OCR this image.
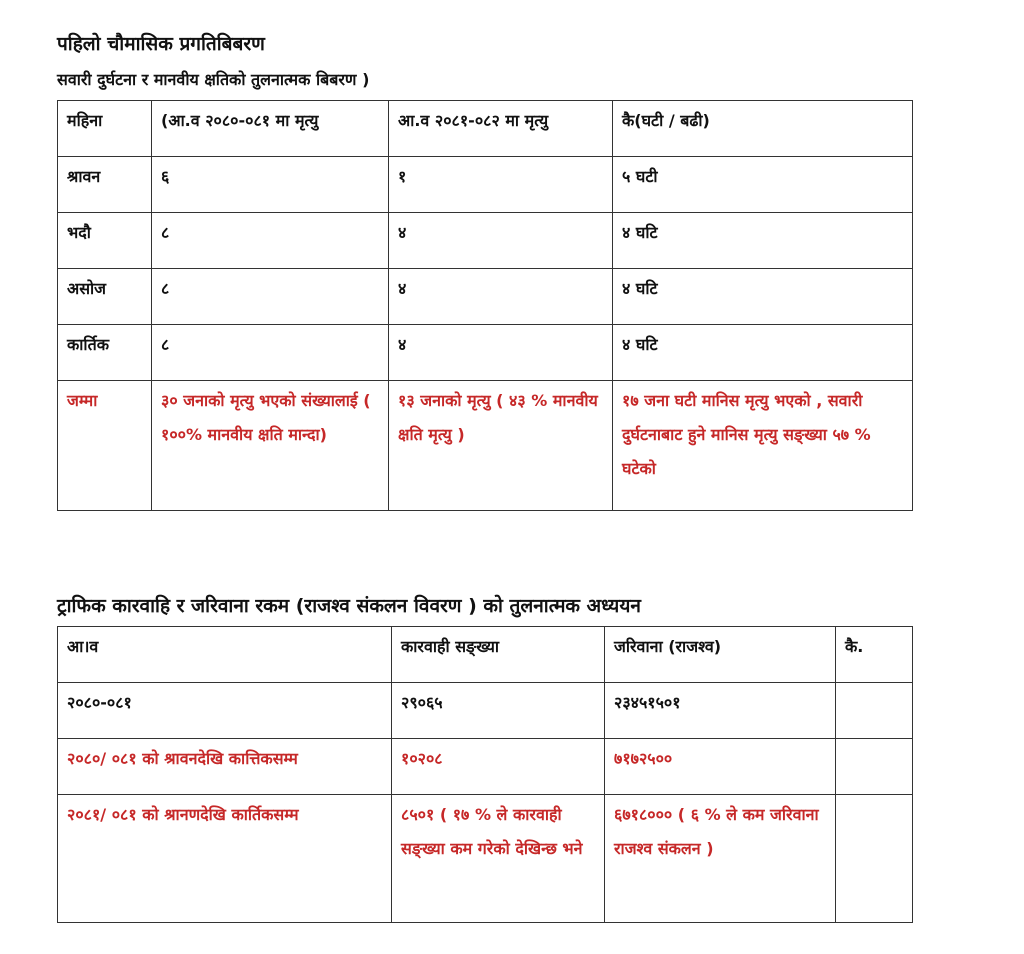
पहिलो चौमासिक प्रगतिबिबरण
सवारी दुर्घटना र मानवीय क्षतिको तुलनात्मक बिबरण )
महिना	(आ.व २०८०-०८१ मा मृत्यु	आ.व २०८१-०८२ मा मृत्यु	कै(घटी / बढी)

श्रावन	६	१	५ घटी

भदौ	८	४	४ घटि

असोज	८	४	४ घटि

कार्तिक	८	४	४ घटि

जम्मा	३० जनाको मृत्यु भएको संख्यालाई ( १००% मानवीय क्षति मान्दा)	१३ जनाको मृत्यु ( ४३ % मानवीय क्षति मृत्यु )	१७ जना घटी मानिस मृत्यु भएको , सवारी दुर्घटनाबाट हुने मानिस मृत्यु सङ्ख्या ५७ % घटेको
ट्राफिक कारवाहि र जरिवाना रकम (राजश्व संकलन विवरण ) को तुलनात्मक अध्ययन
आ।व	कारवाही सङ्ख्या	जरिवाना (राजश्व)	कै.

२०८०-०८१	२९०६५	२३४५१५०१	

२०८०/ ०८१ को श्रावनदेखि कात्तिकसम्म	१०२०८	७१७२५००	

२०८१/ ०८१ को श्रानणदेखि कार्तिकसम्म	८५०१ ( १७ % ले कारवाही सङ्ख्या कम गरेको देखिन्छ भने	६७१८००० ( ६ % ले कम जरिवाना राजश्व संकलन )	
